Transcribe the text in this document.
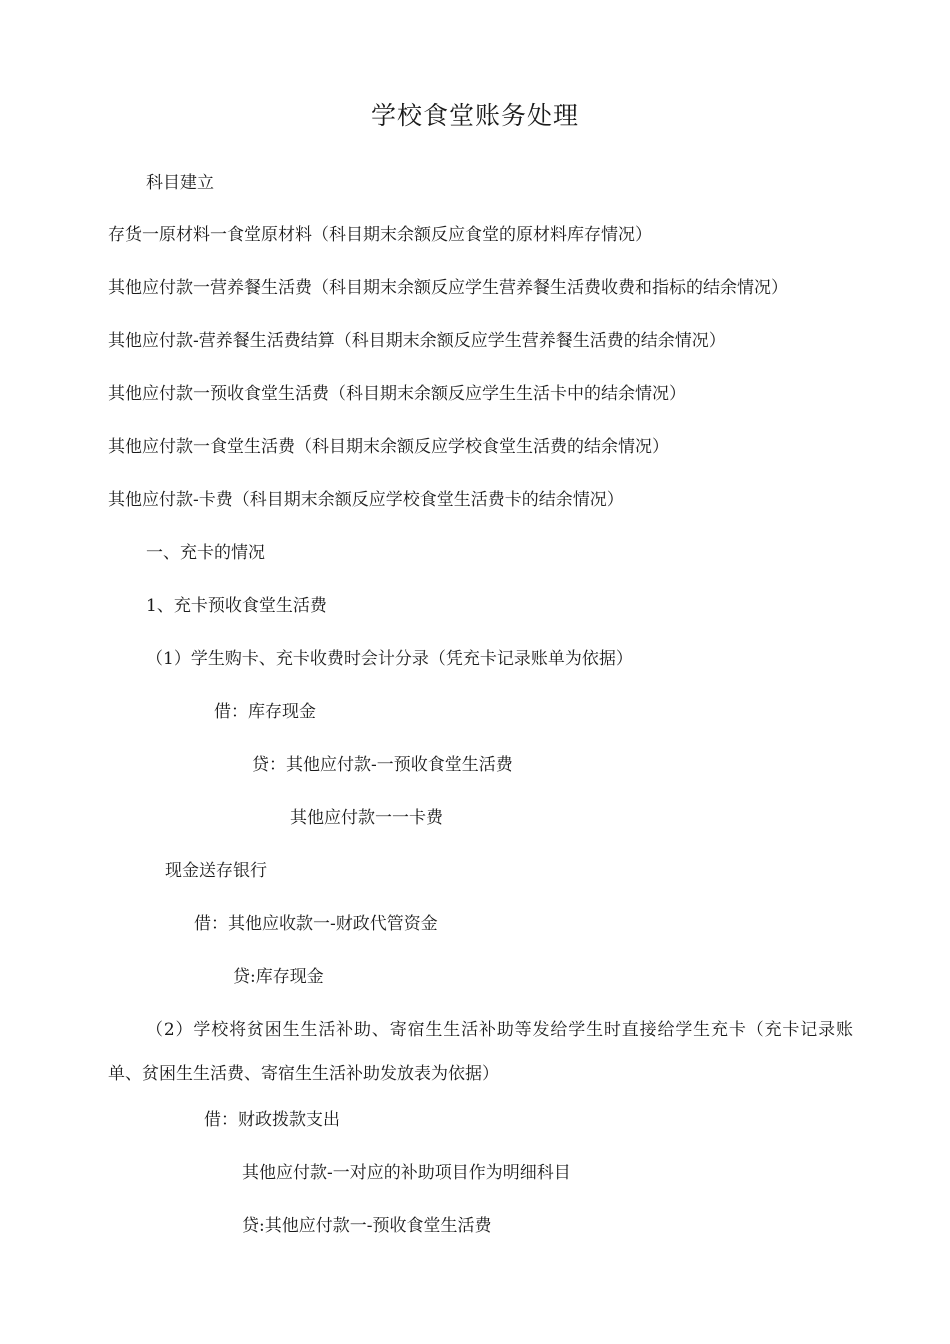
学校食堂账务处理
科目建立
存货一原材料一食堂原材料（科目期末余额反应食堂的原材料库存情况）
其他应付款一营养餐生活费（科目期末余额反应学生营养餐生活费收费和指标的结余情况）
其他应付款-营养餐生活费结算（科目期末余额反应学生营养餐生活费的结余情况）
其他应付款一预收食堂生活费（科目期末余额反应学生生活卡中的结余情况）
其他应付款一食堂生活费（科目期末余额反应学校食堂生活费的结余情况）
其他应付款-卡费（科目期末余额反应学校食堂生活费卡的结余情况）
一、充卡的情况
1、充卡预收食堂生活费
（1）学生购卡、充卡收费时会计分录（凭充卡记录账单为依据）
借：库存现金
贷：其他应付款-一预收食堂生活费
其他应付款一一卡费
现金送存银行
借：其他应收款一-财政代管资金
贷:库存现金
（2）学校将贫困生生活补助、寄宿生生活补助等发给学生时直接给学生充卡（充卡记录账单、贫困生生活费、寄宿生生活补助发放表为依据）
借：财政拨款支出
其他应付款-一对应的补助项目作为明细科目
贷:其他应付款一-预收食堂生活费
